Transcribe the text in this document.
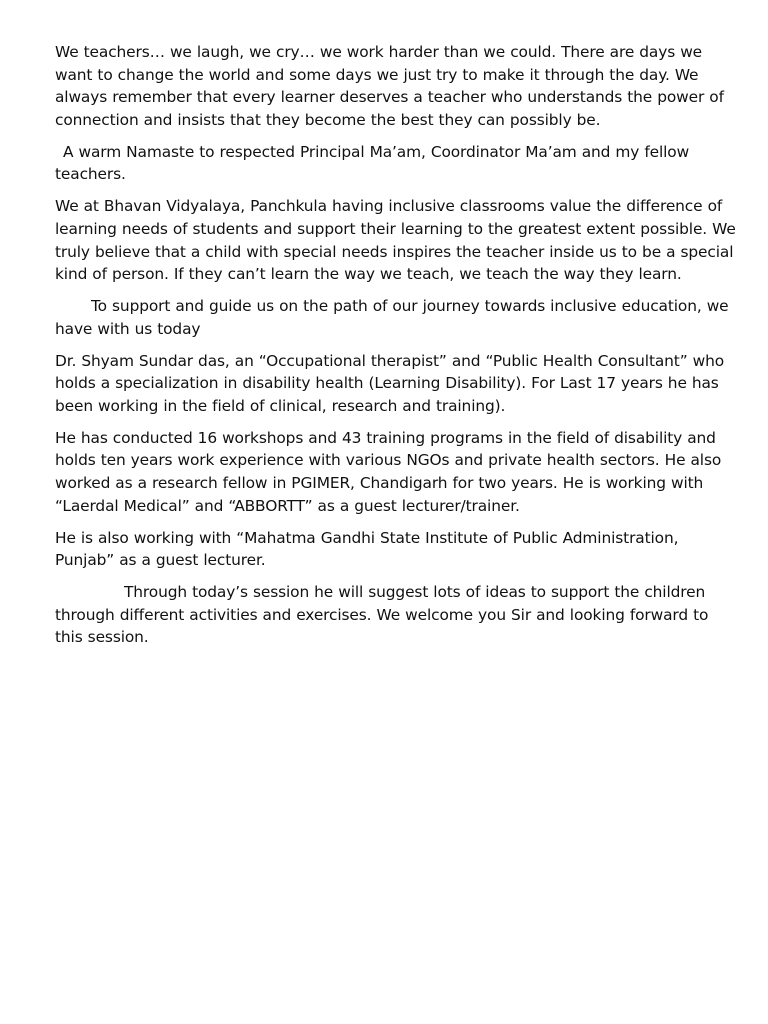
We teachers… we laugh, we cry… we work harder than we could. There are days we want to change the world and some days we just try to make it through the day. We always remember that every learner deserves a teacher who understands the power of connection and insists that they become the best they can possibly be.

A warm Namaste to respected Principal Ma’am, Coordinator Ma’am and my fellow teachers.

We at Bhavan Vidyalaya, Panchkula having inclusive classrooms value the difference of learning needs of students and support their learning to the greatest extent possible. We truly believe that a child with special needs inspires the teacher inside us to be a special kind of person. If they can’t learn the way we teach, we teach the way they learn.

To support and guide us on the path of our journey towards inclusive education, we have with us today

Dr. Shyam Sundar das, an “Occupational therapist” and “Public Health Consultant” who holds a specialization in disability health (Learning Disability). For Last 17 years he has been working in the field of clinical, research and training).

He has conducted 16 workshops and 43 training programs in the field of disability and holds ten years work experience with various NGOs and private health sectors. He also worked as a research fellow in PGIMER, Chandigarh for two years. He is working with “Laerdal Medical” and “ABBORTT” as a guest lecturer/trainer.

He is also working with “Mahatma Gandhi State Institute of Public Administration, Punjab” as a guest lecturer.

Through today’s session he will suggest lots of ideas to support the children through different activities and exercises. We welcome you Sir and looking forward to this session.
